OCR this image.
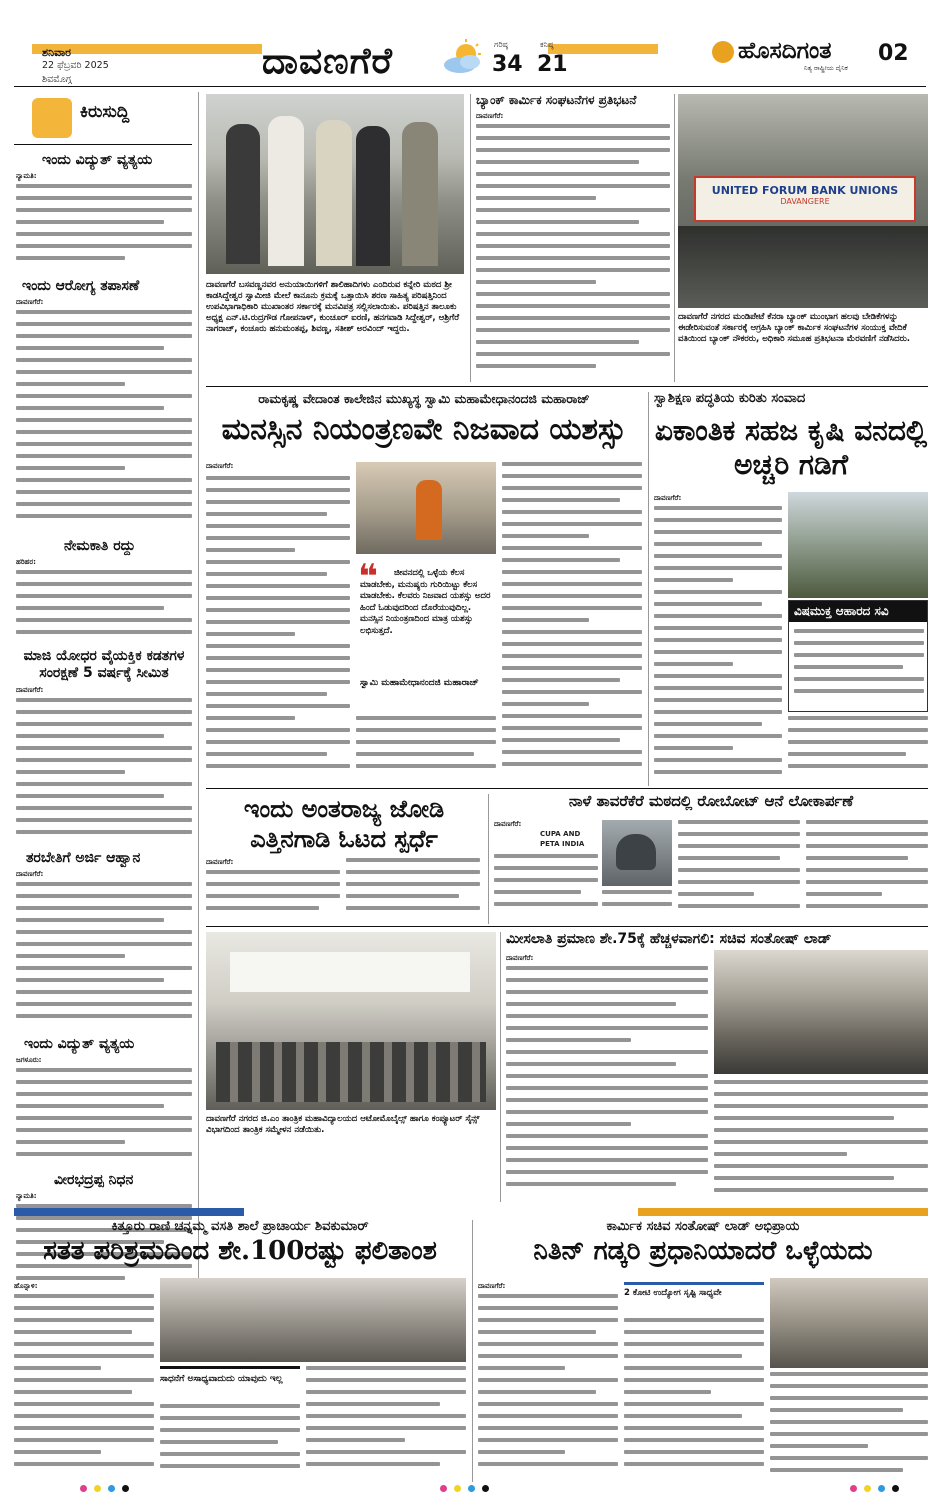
ಶನಿವಾರ
22 ಫೆಬ್ರವರಿ 2025
ಶಿವಮೊಗ್ಗ	ದಾವಣಗೆರೆ	ಗರಿಷ್ಠ
34
ಕನಿಷ್ಠ
21
ಹೊಸದಿಗಂತ
ನಿತ್ಯ ರಾಷ್ಟ್ರೀಯ ದೈನಿಕ
02
ಕಿರುಸುದ್ದಿ
ಇಂದು ವಿದ್ಯುತ್ ವ್ಯತ್ಯಯ
ನ್ಯಾಮತಿ:
ಇಂದು ಆರೋಗ್ಯ ತಪಾಸಣೆ
ದಾವಣಗೆರೆ:
ನೇಮಕಾತಿ ರದ್ದು
ಹರಿಹರ:
ಮಾಜಿ ಯೋಧರ ವೈಯಕ್ತಿಕ ಕಡತಗಳ ಸಂರಕ್ಷಣೆ 5 ವರ್ಷಕ್ಕೆ ಸೀಮಿತ
ದಾವಣಗೆರೆ:
ತರಬೇತಿಗೆ ಅರ್ಜಿ ಆಹ್ವಾನ
ದಾವಣಗೆರೆ:
ಇಂದು ವಿದ್ಯುತ್ ವ್ಯತ್ಯಯ
ಜಗಳೂರು:
ವೀರಭದ್ರಪ್ಪ ನಿಧನ
ನ್ಯಾಮತಿ:
ದಾವಣಗೆರೆ ಬಸವಣ್ಣನವರ ಅನುಯಾಯಿಗಳಿಗೆ ಶಾಲಿಹಾದಿಗಳು ಎಂದಿರುವ ಕನ್ನೇರಿ ಮಠದ ಶ್ರೀ ಕಾಡಸಿದ್ದೇಶ್ವರ ಸ್ವಾಮೀಜಿ ಮೇಲೆ ಕಾನೂನು ಕ್ರಮಕ್ಕೆ ಒತ್ತಾಯಿಸಿ ಶರಣ ಸಾಹಿತ್ಯ ಪರಿಷತ್ತಿನಿಂದ ಉಪವಿಭಾಗಾಧಿಕಾರಿ ಮುಖಾಂತರ ಸರ್ಕಾರಕ್ಕೆ ಮನವಿಪತ್ರ ಸಲ್ಲಿಸಲಾಯಿತು. ಪರಿಷತ್ತಿನ ತಾಲೂಕು ಅಧ್ಯಕ್ಷ ಎನ್.ಟಿ.ರುದ್ರಗೌಡ ಗೋಪನಾಳ್, ಕುಂಚೂರ್ ಐರಣಿ, ಹನಗವಾಡಿ ಸಿದ್ದೇಶ್ವರ್, ಆಶ್ರಿಗೆರೆ ನಾಗರಾಜ್, ಕಂಚೂರು ಹನುಮಂತಪ್ಪ, ಶಿವಣ್ಣ, ಸತೀಶ್ ಅರವಿಂದ್ ಇದ್ದರು.
ಬ್ಯಾಂಕ್ ಕಾರ್ಮಿಕ ಸಂಘಟನೆಗಳ ಪ್ರತಿಭಟನೆ
ದಾವಣಗೆರೆ:
UNITED FORUM BANK UNIONS
DAVANGERE
ದಾವಣಗೆರೆ ನಗರದ ಮಂಡಿಪೇಟೆ ಕೆನರಾ ಬ್ಯಾಂಕ್ ಮುಂಭಾಗ ಹಲವು ಬೇಡಿಕೆಗಳನ್ನು ಈಡೇರಿಸುವಂತೆ ಸರ್ಕಾರಕ್ಕೆ ಆಗ್ರಹಿಸಿ ಬ್ಯಾಂಕ್ ಕಾರ್ಮಿಕ ಸಂಘಟನೆಗಳ ಸಂಯುಕ್ತ ವೇದಿಕೆ ವತಿಯಿಂದ ಬ್ಯಾಂಕ್ ನೌಕರರು, ಅಧಿಕಾರಿ ಸಮೂಹ ಪ್ರತಿಭಟನಾ ಮೆರವಣಿಗೆ ನಡೆಸಿದರು.
ರಾಮಕೃಷ್ಣ ವೇದಾಂತ ಕಾಲೇಜಿನ ಮುಖ್ಯಸ್ಥ ಸ್ವಾಮಿ ಮಹಾಮೇಧಾನಂದಜಿ ಮಹಾರಾಜ್
ಮನಸ್ಸಿನ ನಿಯಂತ್ರಣವೇ ನಿಜವಾದ ಯಶಸ್ಸು
ದಾವಣಗೆರೆ:
❝	ಜೀವನದಲ್ಲಿ ಒಳ್ಳೆಯ ಕೆಲಸ ಮಾಡಬೇಕು, ಮನುಷ್ಯರು ಗುರಿಯಿಟ್ಟು ಕೆಲಸ ಮಾಡಬೇಕು. ಕೆಲವರು ನಿಜವಾದ ಯಶಸ್ಸು ಅದರ ಹಿಂದೆ ಓಡುವುದರಿಂದ ದೊರೆಯುವುದಿಲ್ಲ. ಮನಸ್ಸಿನ ನಿಯಂತ್ರಣದಿಂದ ಮಾತ್ರ ಯಶಸ್ಸು ಲಭಿಸುತ್ತದೆ.
ಸ್ವಾಮಿ ಮಹಾಮೇಧಾನಂದಜಿ ಮಹಾರಾಜ್
ಸ್ವಾಶಿಕ್ಷಣ ಪದ್ಧತಿಯ ಕುರಿತು ಸಂವಾದ
ಏಕಾಂತಿಕ ಸಹಜ ಕೃಷಿ ವನದಲ್ಲಿ ಅಚ್ಚರಿ ಗಡಿಗೆ
ದಾವಣಗೆರೆ:
ವಿಷಮುಕ್ತ ಆಹಾರದ ಸವಿ
ಇಂದು ಅಂತರಾಜ್ಯ ಜೋಡಿ ಎತ್ತಿನಗಾಡಿ ಓಟದ ಸ್ಪರ್ಧೆ
ದಾವಣಗೆರೆ:
ನಾಳೆ ತಾವರೆಕೆರೆ ಮಠದಲ್ಲಿ ರೋಬೋಟ್ ಆನೆ ಲೋಕಾರ್ಪಣೆ
ದಾವಣಗೆರೆ:
CUPA AND PETA INDIA
ದಾವಣಗೆರೆ ನಗರದ ಜಿ.ಎಂ ತಾಂತ್ರಿಕ ಮಹಾವಿದ್ಯಾಲಯದ ಆಟೋಮೊಬೈಲ್ಸ್ ಹಾಗೂ ಕಂಪ್ಯೂಟರ್ ಸೈನ್ಸ್ ವಿಭಾಗದಿಂದ ತಾಂತ್ರಿಕ ಸಮ್ಮೇಳನ ನಡೆಯಿತು.
ಮೀಸಲಾತಿ ಪ್ರಮಾಣ ಶೇ.75ಕ್ಕೆ ಹೆಚ್ಚಳವಾಗಲಿ: ಸಚಿವ ಸಂತೋಷ್ ಲಾಡ್
ದಾವಣಗೆರೆ:
ಕಿತ್ತೂರು ರಾಣಿ ಚನ್ನಮ್ಮ ವಸತಿ ಶಾಲೆ ಪ್ರಾಚಾರ್ಯ ಶಿವಕುಮಾರ್
ಸತತ ಪರಿಶ್ರಮದಿಂದ ಶೇ.100ರಷ್ಟು ಫಲಿತಾಂಶ
ಹೊನ್ನಾಳಿ:
ಸಾಧನೆಗೆ ಅಸಾಧ್ಯವಾದುದು ಯಾವುದು ಇಲ್ಲ
ಕಾರ್ಮಿಕ ಸಚಿವ ಸಂತೋಷ್ ಲಾಡ್ ಅಭಿಪ್ರಾಯ
ನಿತಿನ್ ಗಡ್ಕರಿ ಪ್ರಧಾನಿಯಾದರೆ ಒಳ್ಳೆಯದು
ದಾವಣಗೆರೆ:
2 ಕೋಟಿ ಉದ್ಯೋಗ ಸೃಷ್ಟಿ ಸಾಧ್ಯವೇ
